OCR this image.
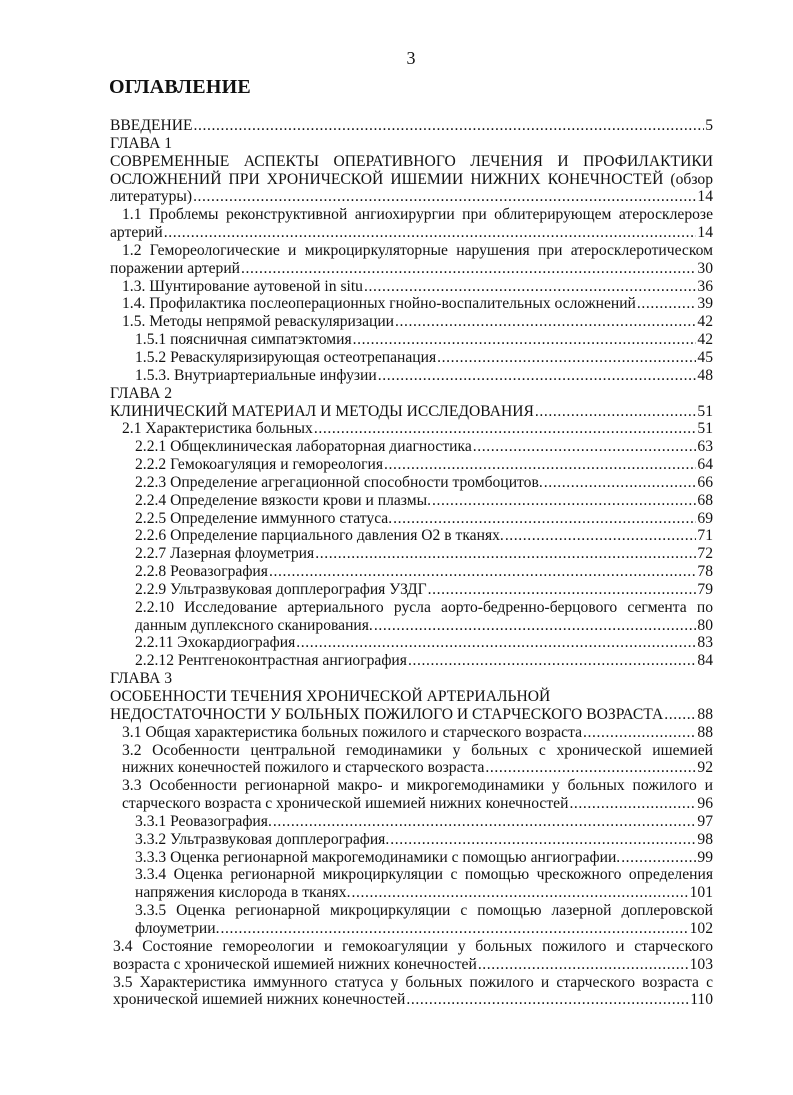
3
ОГЛАВЛЕНИЕ
ВВЕДЕНИЕ .....	5
ГЛАВА 1
СОВРЕМЕННЫЕ АСПЕКТЫ ОПЕРАТИВНОГО ЛЕЧЕНИЯ И ПРОФИЛАКТИКИ
ОСЛОЖНЕНИЙ ПРИ ХРОНИЧЕСКОЙ ИШЕМИИ НИЖНИХ КОНЕЧНОСТЕЙ (обзор
литературы) .....	14
1.1 Проблемы реконструктивной ангиохирургии при облитерирующем атеросклерозе
артерий .....	14
1.2 Гемореологические и микроциркуляторные нарушения при атеросклеротическом
поражении артерий .....	30
1.3. Шунтирование аутовеной in situ .....	36
1.4. Профилактика послеоперационных гнойно-воспалительных осложнений .....	39
1.5. Методы непрямой реваскуляризации .....	42
1.5.1 поясничная симпатэктомия .....	42
1.5.2 Реваскуляризирующая остеотрепанация .....	45
1.5.3. Внутриартериальные инфузии .....	48
ГЛАВА 2
КЛИНИЧЕСКИЙ МАТЕРИАЛ И МЕТОДЫ ИССЛЕДОВАНИЯ .....	51
2.1 Характеристика больных .....	51
2.2.1 Общеклиническая лабораторная диагностика .....	63
2.2.2 Гемокоагуляция и гемореология .....	64
2.2.3 Определение агрегационной способности тромбоцитов. .....	66
2.2.4 Определение вязкости крови и плазмы. .....	68
2.2.5 Определение иммунного статуса. .....	69
2.2.6 Определение парциального давления О2 в тканях. .....	71
2.2.7 Лазерная флоуметрия .....	72
2.2.8 Реовазография .....	78
2.2.9 Ультразвуковая допплерография УЗДГ .....	79
2.2.10 Исследование артериального русла аорто-бедренно-берцового сегмента по
данным дуплексного сканирования. .....	80
2.2.11 Эхокардиография .....	83
2.2.12 Рентгеноконтрастная ангиография .....	84
ГЛАВА 3
ОСОБЕННОСТИ ТЕЧЕНИЯ ХРОНИЧЕСКОЙ АРТЕРИАЛЬНОЙ
НЕДОСТАТОЧНОСТИ У БОЛЬНЫХ ПОЖИЛОГО И СТАРЧЕСКОГО ВОЗРАСТА ..... 88
3.1 Общая характеристика больных пожилого и старческого возраста .....	88
3.2 Особенности центральной гемодинамики у больных с хронической ишемией
нижних конечностей пожилого и старческого возраста .....	92
3.3 Особенности регионарной макро- и микрогемодинамики у больных пожилого и
старческого возраста с хронической ишемией нижних конечностей .....	96
3.3.1 Реовазография. .....	97
3.3.2 Ультразвуковая допплерография. .....	98
3.3.3 Оценка регионарной макрогемодинамики с помощью ангиографии. .....	99
3.3.4 Оценка регионарной микроциркуляции с помощью чрескожного определения
напряжения кислорода в тканях. .....	101
3.3.5 Оценка регионарной микроциркуляции с помощью лазерной доплеровской
флоуметрии. .....	102
3.4 Состояние гемореологии и гемокоагуляции у больных пожилого и старческого
возраста с хронической ишемией нижних конечностей .....	103
3.5 Характеристика иммунного статуса у больных пожилого и старческого возраста с
хронической ишемией нижних конечностей .....	110
